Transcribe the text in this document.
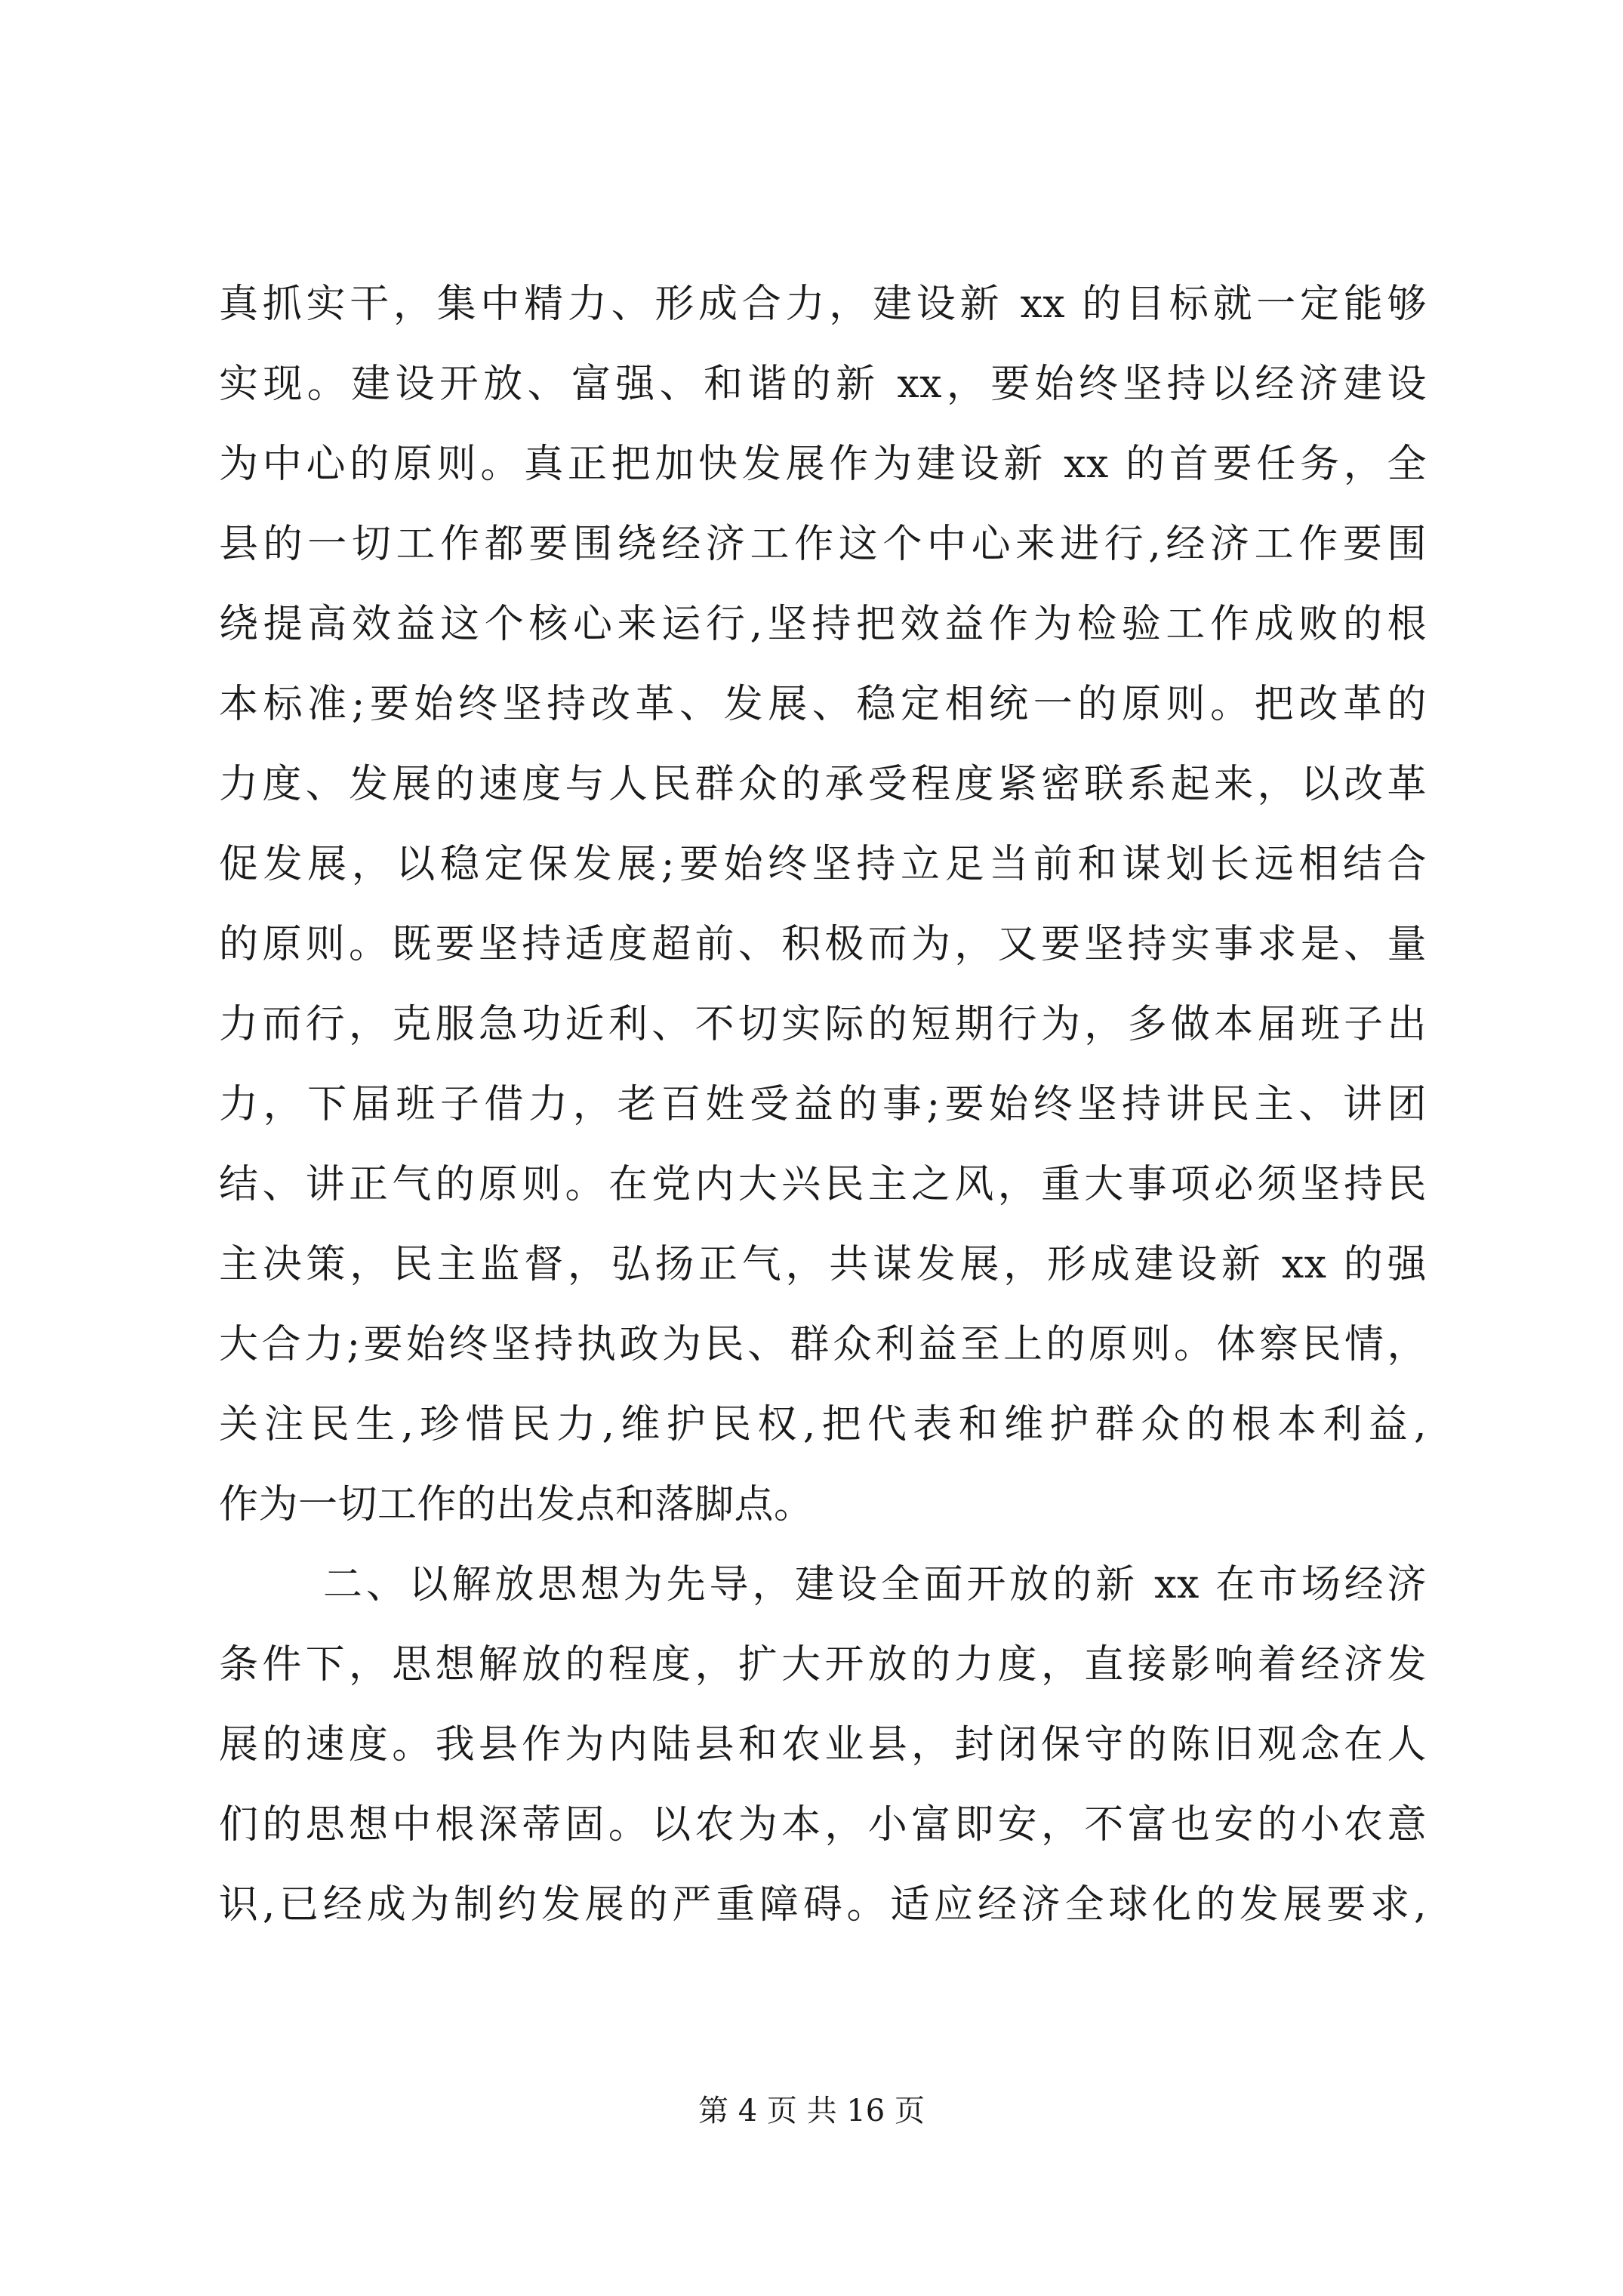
真抓实干，集中精力、形成合力，建设新 xx 的目标就一定能够
实现。建设开放、富强、和谐的新 xx，要始终坚持以经济建设
为中心的原则。真正把加快发展作为建设新 xx 的首要任务，全
县的一切工作都要围绕经济工作这个中心来进行,经济工作要围
绕提高效益这个核心来运行,坚持把效益作为检验工作成败的根
本标准;要始终坚持改革、发展、稳定相统一的原则。把改革的
力度、发展的速度与人民群众的承受程度紧密联系起来，以改革
促发展，以稳定保发展;要始终坚持立足当前和谋划长远相结合
的原则。既要坚持适度超前、积极而为，又要坚持实事求是、量
力而行，克服急功近利、不切实际的短期行为，多做本届班子出
力，下届班子借力，老百姓受益的事;要始终坚持讲民主、讲团
结、讲正气的原则。在党内大兴民主之风，重大事项必须坚持民
主决策，民主监督，弘扬正气，共谋发展，形成建设新 xx 的强
大合力;要始终坚持执政为民、群众利益至上的原则。体察民情，
关注民生,珍惜民力,维护民权,把代表和维护群众的根本利益,
作为一切工作的出发点和落脚点。
二、以解放思想为先导，建设全面开放的新 xx 在市场经济
条件下，思想解放的程度，扩大开放的力度，直接影响着经济发
展的速度。我县作为内陆县和农业县，封闭保守的陈旧观念在人
们的思想中根深蒂固。以农为本，小富即安，不富也安的小农意
识,已经成为制约发展的严重障碍。适应经济全球化的发展要求,
第 4 页 共 16 页
